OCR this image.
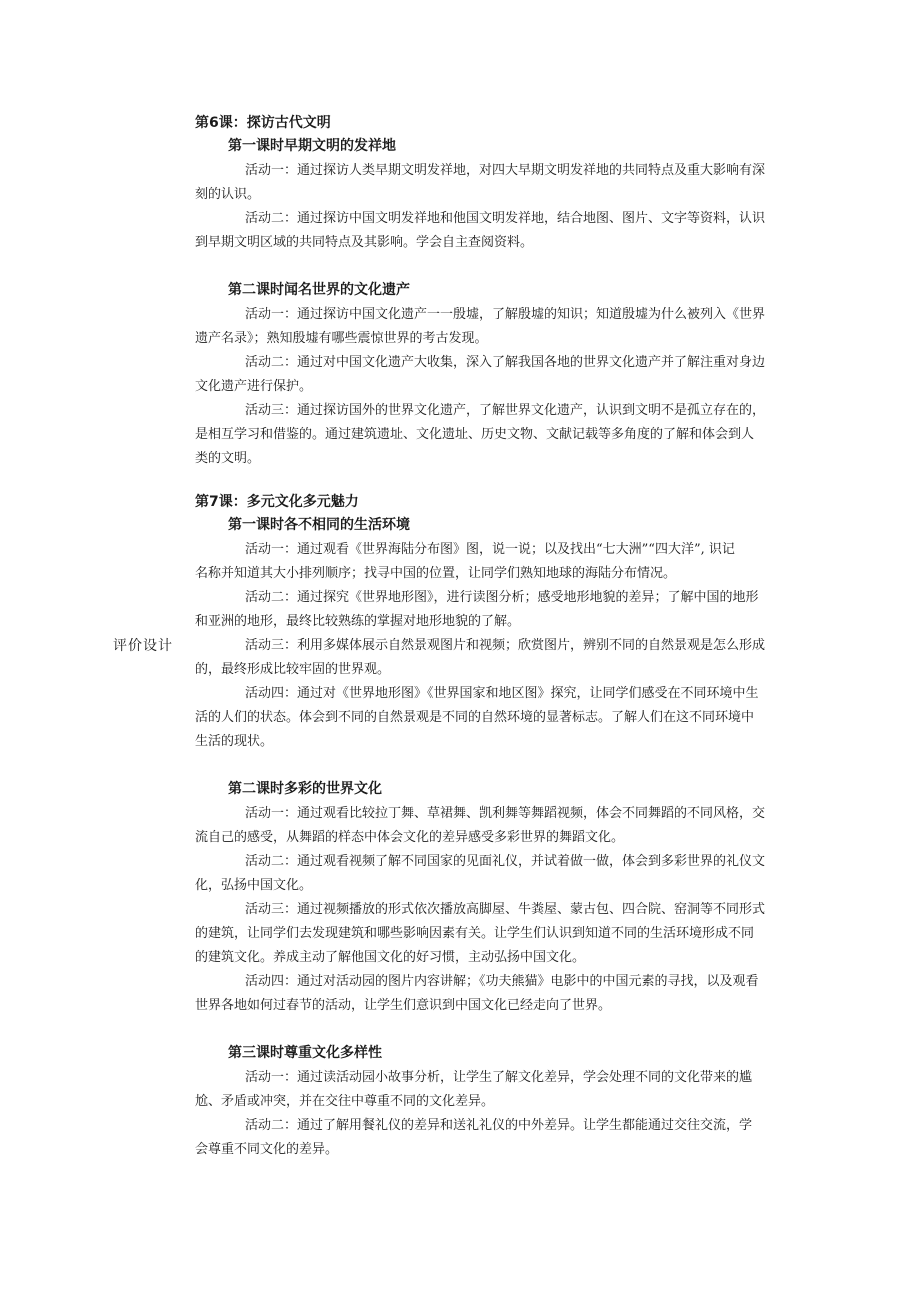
评价设计
第6课：探访古代文明
第一课时早期文明的发祥地
活动一：通过探访人类早期文明发祥地，对四大早期文明发祥地的共同特点及重大影响有深
刻的认识。
活动二：通过探访中国文明发祥地和他国文明发祥地，结合地图、图片、文字等资料，认识
到早期文明区域的共同特点及其影响。学会自主查阅资料。
第二课时闻名世界的文化遗产
活动一：通过探访中国文化遗产一一殷墟，了解殷墟的知识；知道殷墟为什么被列入《世界
遗产名录》；熟知殷墟有哪些震惊世界的考古发现。
活动二：通过对中国文化遗产大收集，深入了解我国各地的世界文化遗产并了解注重对身边
文化遗产进行保护。
活动三：通过探访国外的世界文化遗产，了解世界文化遗产，认识到文明不是孤立存在的，
是相互学习和借鉴的。通过建筑遗址、文化遗址、历史文物、文献记载等多角度的了解和体会到人
类的文明。
第7课：多元文化多元魅力
第一课时各不相同的生活环境
活动一：通过观看《世界海陆分布图》图，说一说；以及找出“七大洲”“四大洋”, 识记
名称并知道其大小排列顺序；找寻中国的位置，让同学们熟知地球的海陆分布情况。
活动二：通过探究《世界地形图》，进行读图分析；感受地形地貌的差异；了解中国的地形
和亚洲的地形，最终比较熟练的掌握对地形地貌的了解。
活动三：利用多媒体展示自然景观图片和视频；欣赏图片，辨别不同的自然景观是怎么形成
的，最终形成比较牢固的世界观。
活动四：通过对《世界地形图》《世界国家和地区图》探究，让同学们感受在不同环境中生
活的人们的状态。体会到不同的自然景观是不同的自然环境的显著标志。了解人们在这不同环境中
生活的现状。
第二课时多彩的世界文化
活动一：通过观看比较拉丁舞、草裙舞、凯利舞等舞蹈视频，体会不同舞蹈的不同风格，交
流自己的感受，从舞蹈的样态中体会文化的差异感受多彩世界的舞蹈文化。
活动二：通过观看视频了解不同国家的见面礼仪，并试着做一做，体会到多彩世界的礼仪文
化，弘扬中国文化。
活动三：通过视频播放的形式依次播放高脚屋、牛粪屋、蒙古包、四合院、窑洞等不同形式
的建筑，让同学们去发现建筑和哪些影响因素有关。让学生们认识到知道不同的生活环境形成不同
的建筑文化。养成主动了解他国文化的好习惯，主动弘扬中国文化。
活动四：通过对活动园的图片内容讲解；《功夫熊猫》电影中的中国元素的寻找，以及观看
世界各地如何过春节的活动，让学生们意识到中国文化已经走向了世界。
第三课时尊重文化多样性
活动一：通过读活动园小故事分析，让学生了解文化差异，学会处理不同的文化带来的尴
尬、矛盾或冲突，并在交往中尊重不同的文化差异。
活动二：通过了解用餐礼仪的差异和送礼礼仪的中外差异。让学生都能通过交往交流，学
会尊重不同文化的差异。
